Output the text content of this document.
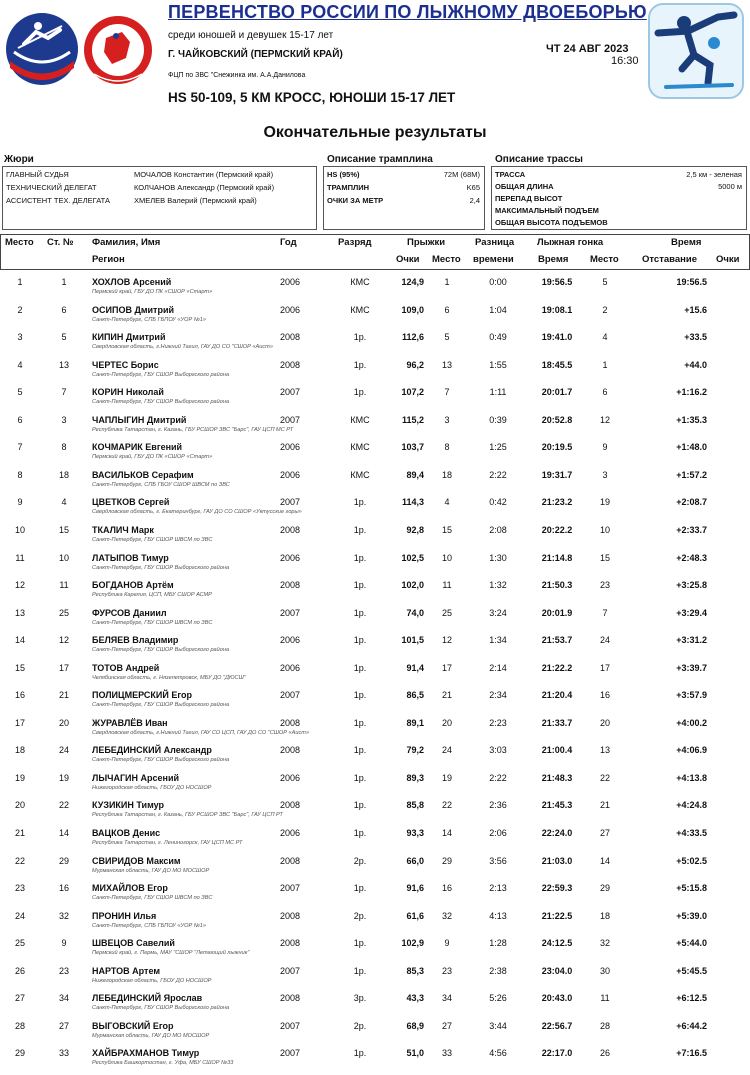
ПЕРВЕНСТВО РОССИИ ПО ЛЫЖНОМУ ДВОЕБОРЬЮ
среди юношей и девушек 15-17 лет
Г. ЧАЙКОВСКИЙ (ПЕРМСКИЙ КРАЙ)	ЧТ 24 АВГ 2023
16:30
ФЦП по ЗВС "Снежинка им. А.А.Данилова
HS 50-109, 5 КМ КРОСС, ЮНОШИ 15-17 ЛЕТ
Окончательные результаты
Жюри	Описание трамплина	Описание трассы
ГЛАВНЫЙ СУДЬЯ	МОЧАЛОВ Константин (Пермский край)
ТЕХНИЧЕСКИЙ ДЕЛЕГАТ	КОЛЧАНОВ Александр (Пермский край)
АССИСТЕНТ ТЕХ. ДЕЛЕГАТА	ХМЕЛЕВ Валерий (Пермский край)
HS (95%)	72M (68M)
ТРАМПЛИН	K65
ОЧКИ ЗА МЕТР	2,4
ТРАССА	2,5 км - зеленая
ОБЩАЯ ДЛИНА	5000 м
ПЕРЕПАД ВЫСОТ
МАКСИМАЛЬНЫЙ ПОДЪЕМ
ОБЩАЯ ВЫСОТА ПОДЪЕМОВ
Место Ст. № Фамилия, Имя
Регион
Год	Разряд	Прыжки
Очки Место
Разница
времени
Лыжная гонка
Время Место
Время
Отставание Очки
1	1	ХОХЛОВ Арсений	2006	КМС	124,9	1	0:00	19:56.5	5	19:56.5
Пермский край, ГБУ ДО ПК «СШОР «Старт»
2	6	ОСИПОВ Дмитрий	2006	КМС	109,0	6	1:04	19:08.1	2	+15.6
Санкт-Петербург, СПБ ГБПОУ «УОР №1»
3	5	КИПИН Дмитрий	2008	1р.	112,6	5	0:49	19:41.0	4	+33.5
Свердловская область, г.Нижний Тагил, ГАУ ДО СО "СШОР «Аист»
4	13	ЧЕРТЕС Борис	2008	1р.	96,2	13	1:55	18:45.5	1	+44.0
Санкт-Петербург, ГБУ СШОР Выборгского района
5	7	КОРИН Николай	2007	1р.	107,2	7	1:11	20:01.7	6	+1:16.2
Санкт-Петербург, ГБУ СШОР Выборгского района
6	3	ЧАПЛЫГИН Дмитрий	2007	КМС	115,2	3	0:39	20:52.8	12	+1:35.3
Республика Татарстан, г. Казань, ГБУ РСШОР ЗВС "Барс", ГАУ ЦСП МС РТ
7	8	КОЧМАРИК Евгений	2006	КМС	103,7	8	1:25	20:19.5	9	+1:48.0
Пермский край, ГБУ ДО ПК «СШОР «Старт»
8	18	ВАСИЛЬКОВ Серафим	2006	КМС	89,4	18	2:22	19:31.7	3	+1:57.2
Санкт-Петербург, СПБ ГБОУ СШОР ШВСМ по ЗВС
9	4	ЦВЕТКОВ Сергей	2007	1р.	114,3	4	0:42	21:23.2	19	+2:08.7
Свердловская область, г. Екатеринбург, ГАУ ДО СО СШОР «Уктусские горы»
10	15	ТКАЛИЧ Марк	2008	1р.	92,8	15	2:08	20:22.2	10	+2:33.7
Санкт-Петербург, ГБУ СШОР ШВСМ по ЗВС
11	10	ЛАТЫПОВ Тимур	2006	1р.	102,5	10	1:30	21:14.8	15	+2:48.3
Санкт-Петербург, ГБУ СШОР Выборгского района
12	11	БОГДАНОВ Артём	2008	1р.	102,0	11	1:32	21:50.3	23	+3:25.8
Республика Карелия, ЦСП, МБУ СШОР АСМР
13	25	ФУРСОВ Даниил	2007	1р.	74,0	25	3:24	20:01.9	7	+3:29.4
Санкт-Петербург, ГБУ СШОР ШВСМ по ЗВС
14	12	БЕЛЯЕВ Владимир	2006	1р.	101,5	12	1:34	21:53.7	24	+3:31.2
Санкт-Петербург, ГБУ СШОР Выборгского района
15	17	ТОТОВ Андрей	2006	1р.	91,4	17	2:14	21:22.2	17	+3:39.7
Челябинская область, г. Нязепетровск, МБУ ДО "ДЮСШ"
16	21	ПОЛИЦМЕРСКИЙ Егор	2007	1р.	86,5	21	2:34	21:20.4	16	+3:57.9
Санкт-Петербург, ГБУ СШОР Выборгского района
17	20	ЖУРАВЛЁВ Иван	2008	1р.	89,1	20	2:23	21:33.7	20	+4:00.2
Свердловская область, г.Нижний Тагил, ГАУ СО ЦСП, ГАУ ДО СО "СШОР «Аист»
18	24	ЛЕБЕДИНСКИЙ Александр	2008	1р.	79,2	24	3:03	21:00.4	13	+4:06.9
Санкт-Петербург, ГБУ СШОР Выборгского района
19	19	ЛЫЧАГИН Арсений	2006	1р.	89,3	19	2:22	21:48.3	22	+4:13.8
Нижегородская область, ГБОУ ДО НОСШОР
20	22	КУЗИКИН Тимур	2008	1р.	85,8	22	2:36	21:45.3	21	+4:24.8
Республика Татарстан, г. Казань, ГБУ РСШОР ЗВС "Барс", ГАУ ЦСП РТ
21	14	ВАЦКОВ Денис	2006	1р.	93,3	14	2:06	22:24.0	27	+4:33.5
Республика Татарстан, г. Лениногорск, ГАУ ЦСП МС РТ
22	29	СВИРИДОВ Максим	2008	2р.	66,0	29	3:56	21:03.0	14	+5:02.5
Мурманская область, ГАУ ДО МО МОСШОР
23	16	МИХАЙЛОВ Егор	2007	1р.	91,6	16	2:13	22:59.3	29	+5:15.8
Санкт-Петербург, ГБУ СШОР ШВСМ по ЗВС
24	32	ПРОНИН Илья	2008	2р.	61,6	32	4:13	21:22.5	18	+5:39.0
Санкт-Петербург, СПБ ГБПОУ «УОР №1»
25	9	ШВЕЦОВ Савелий	2008	1р.	102,9	9	1:28	24:12.5	32	+5:44.0
Пермский край, г. Пермь, МАУ "СШОР "Летающий лыжник"
26	23	НАРТОВ Артем	2007	1р.	85,3	23	2:38	23:04.0	30	+5:45.5
Нижегородская область, ГБОУ ДО НОСШОР
27	34	ЛЕБЕДИНСКИЙ Ярослав	2008	3р.	43,3	34	5:26	20:43.0	11	+6:12.5
Санкт-Петербург, ГБУ СШОР Выборгского района
28	27	ВЫГОВСКИЙ Егор	2007	2р.	68,9	27	3:44	22:56.7	28	+6:44.2
Мурманская область, ГАУ ДО МО МОСШОР
29	33	ХАЙБРАХМАНОВ Тимур	2007	1р.	51,0	33	4:56	22:17.0	26	+7:16.5
Республика Башкортостан, г. Уфа, МБУ СШОР №33
